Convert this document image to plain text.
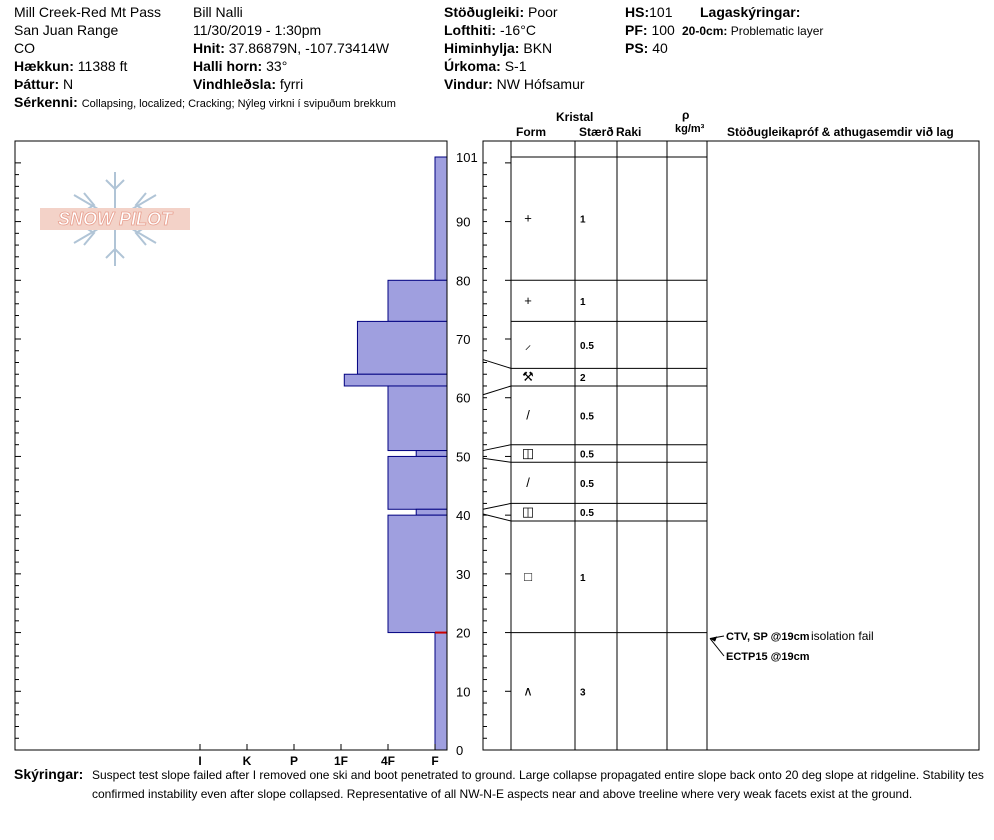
Mill Creek-Red Mt Pass
San Juan Range
CO
Hækkun: 11388 ft
Þáttur: N
Sérkenni: Collapsing, localized; Cracking; Nýleg virkni í svipuðum brekkum
Bill Nalli
11/30/2019 - 1:30pm
Hnit: 37.86879N, -107.73414W
Halli horn: 33°
Vindhleðsla: fyrri
Stöðugleiki: Poor
Lofthiti: -16°C
Himinhylja: BKN
Úrkoma: S-1
Vindur: NW Hófsamur
HS:101
PF: 100
PS: 40
Lagaskýringar:
20-0cm: Problematic layer
Kristal
Form	Stærð Raki
ρ
kg/m³ Stöðugleikapróf & athugasemdir við lag
Skýringar: Suspect test slope failed after I removed one ski and boot penetrated to ground. Large collapse propagated entire slope back onto 20 deg slope at ridgeline. Stability tes
confirmed instability even after slope collapsed. Representative of all NW-N-E aspects near and above treeline where very weak facets exist at the ground.
SNOW PILOT
I	K	P	1F	4F	F
0
10
20
30
40
50
60
70
80
90
101
+	1
+	1
⸝	0.5
⚒	2
/	0.5
◫	0.5
/	0.5
◫	0.5
□	1
∧	3
CTV, SP @19cm isolation fail
ECTP15 @19cm
